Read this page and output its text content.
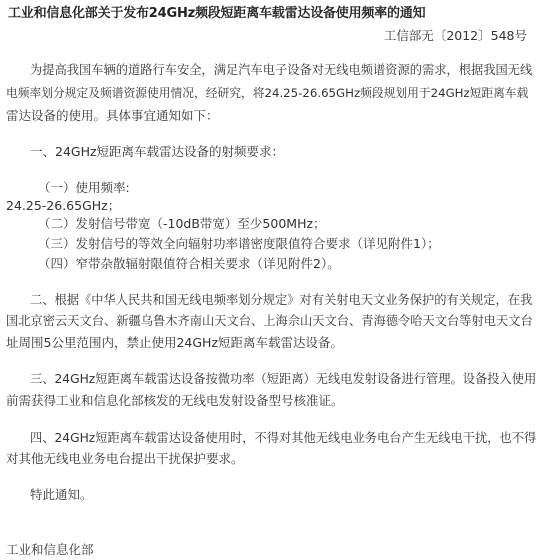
工业和信息化部关于发布24GHz频段短距离车载雷达设备使用频率的通知
工信部无〔2012〕548号
为提高我国车辆的道路行车安全，满足汽车电子设备对无线电频谱资源的需求，根据我国无线
电频率划分规定及频谱资源使用情况，经研究，将24.25-26.65GHz频段规划用于24GHz短距离车载
雷达设备的使用。具体事宜通知如下：
一、24GHz短距离车载雷达设备的射频要求：
（一）使用频率:
24.25-26.65GHz；
（二）发射信号带宽（-10dB带宽）至少500MHz；
（三）发射信号的等效全向辐射功率谱密度限值符合要求（详见附件1）；
（四）窄带杂散辐射限值符合相关要求（详见附件2）。
二、根据《中华人民共和国无线电频率划分规定》对有关射电天文业务保护的有关规定，在我
国北京密云天文台、新疆乌鲁木齐南山天文台、上海佘山天文台、青海德令哈天文台等射电天文台
址周围5公里范围内，禁止使用24GHz短距离车载雷达设备。
三、24GHz短距离车载雷达设备按微功率（短距离）无线电发射设备进行管理。设备投入使用
前需获得工业和信息化部核发的无线电发射设备型号核准证。
四、24GHz短距离车载雷达设备使用时，不得对其他无线电业务电台产生无线电干扰，也不得
对其他无线电业务电台提出干扰保护要求。
特此通知。
工业和信息化部
